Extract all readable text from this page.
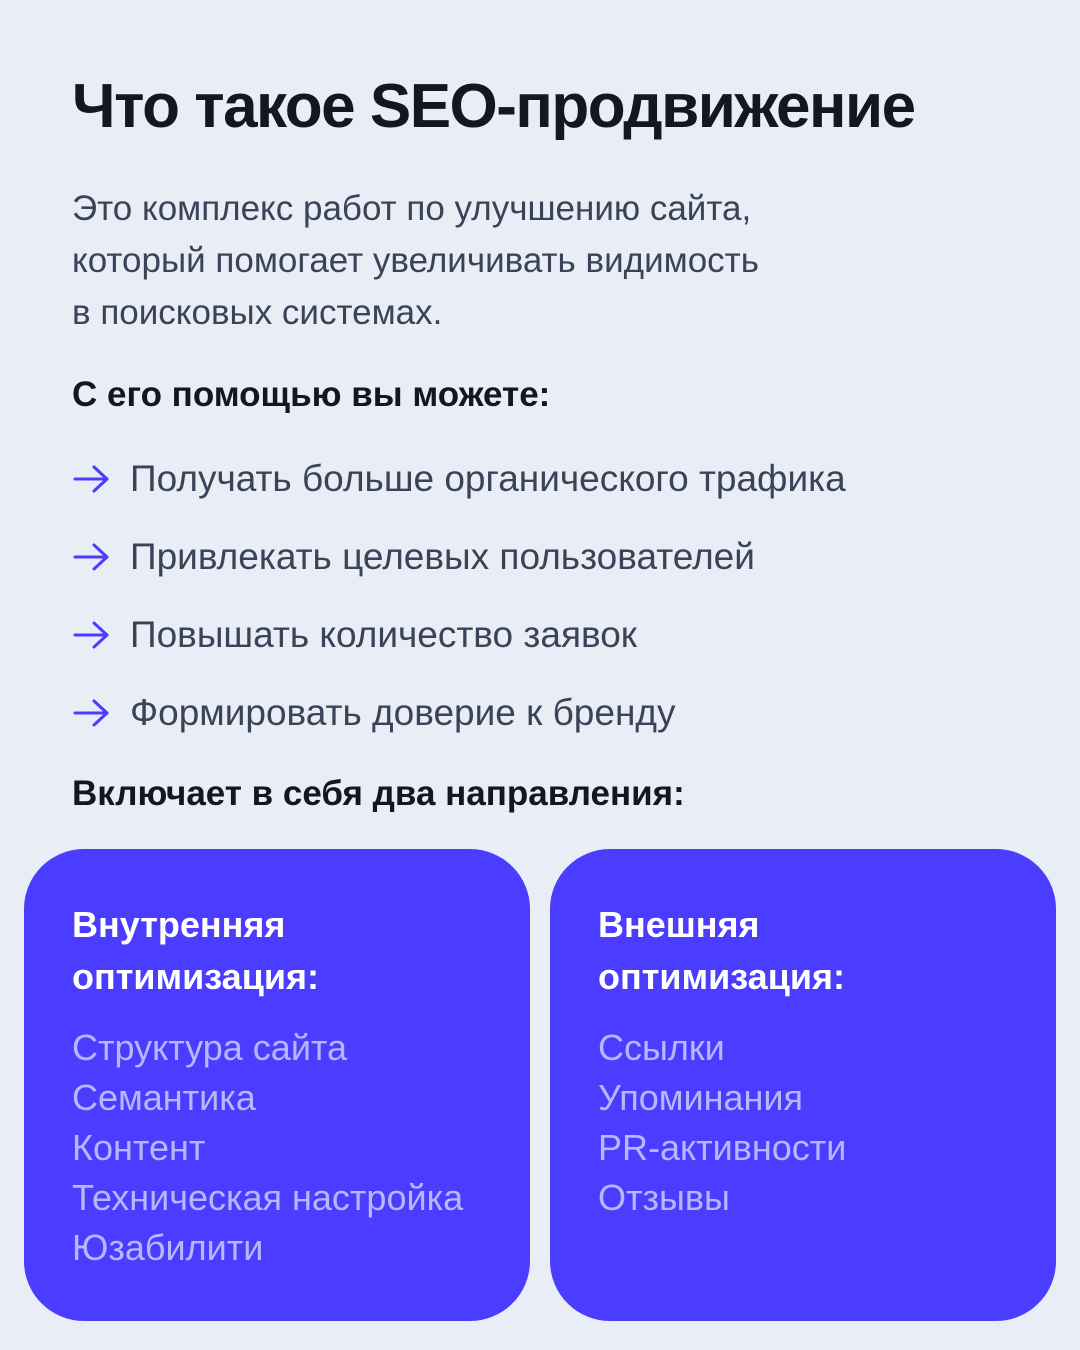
Что такое SEO-продвижение

Это комплекс работ по улучшению сайта,
который помогает увеличивать видимость
в поисковых системах.

С его помощью вы можете:
Получать больше органического трафика
Привлекать целевых пользователей
Повышать количество заявок
Формировать доверие к бренду
Включает в себя два направления:
Внутренняя
оптимизация:
Структура сайта
Семантика
Контент
Техническая настройка
Юзабилити
Внешняя
оптимизация:
Ссылки
Упоминания
PR-активности
Отзывы
